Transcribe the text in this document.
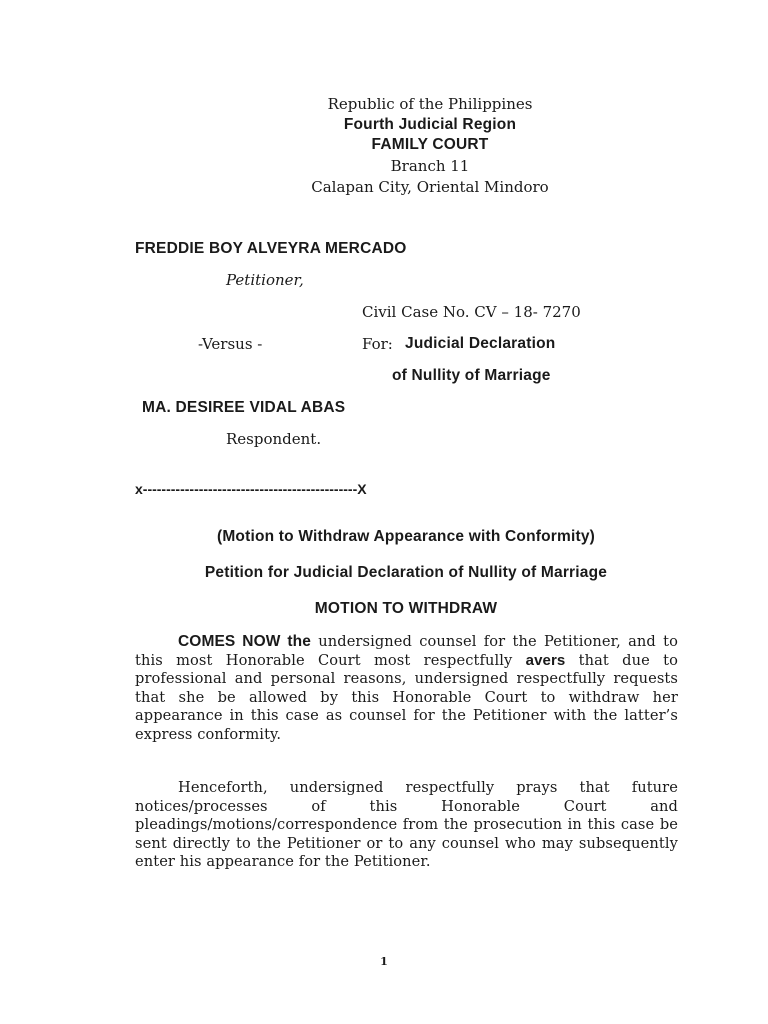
Republic of the Philippines
Fourth Judicial Region
FAMILY COURT
Branch 11
Calapan City, Oriental Mindoro
FREDDIE BOY ALVEYRA MERCADO
Petitioner,
Civil Case No. CV – 18- 7270
-Versus -	For: Judicial Declaration
of Nullity of Marriage
MA. DESIREE VIDAL ABAS
Respondent.
x----------------------------------------------X
(Motion to Withdraw Appearance with Conformity)
Petition for Judicial Declaration of Nullity of Marriage
MOTION TO WITHDRAW
COMES NOW the undersigned counsel for the Petitioner, and to this most Honorable Court most respectfully avers that due to professional and personal reasons, undersigned respectfully requests that she be allowed by this Honorable Court to withdraw her appearance in this case as counsel for the Petitioner with the latter’s express conformity.
Henceforth, undersigned respectfully prays that future notices/processes of this Honorable Court and pleadings/motions/correspondence from the prosecution in this case be sent directly to the Petitioner or to any counsel who may subsequently enter his appearance for the Petitioner.
1
